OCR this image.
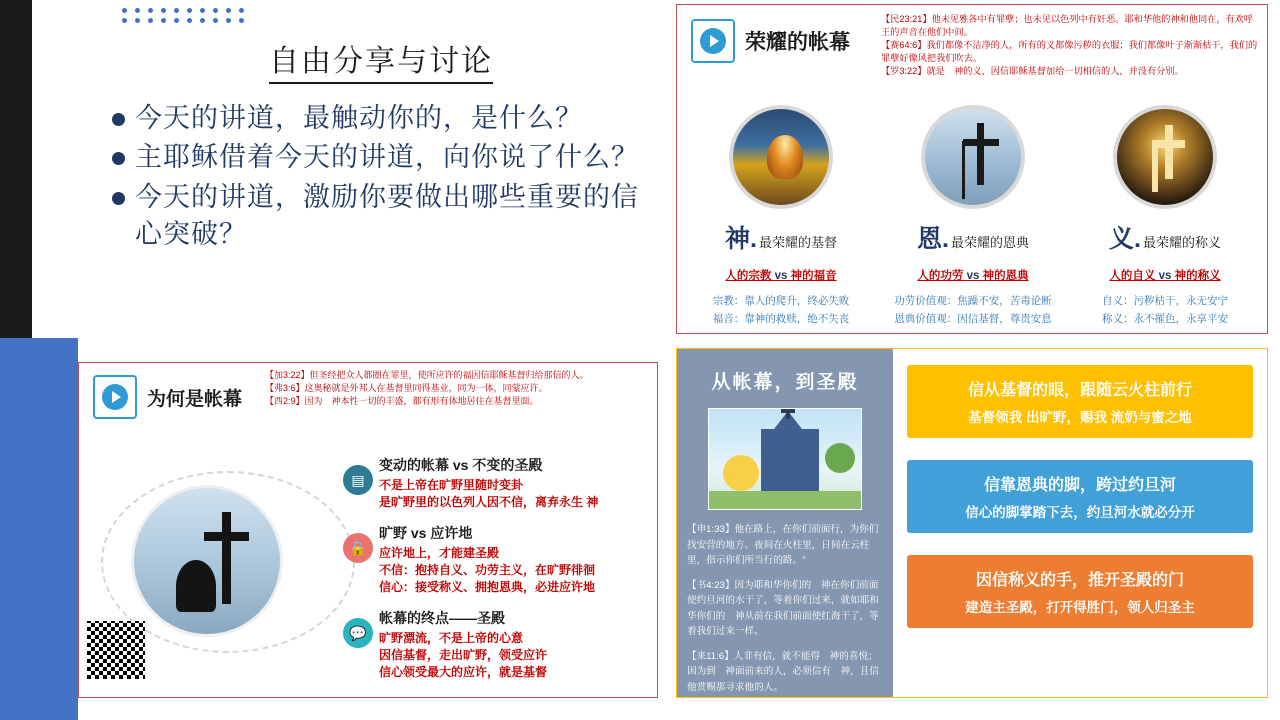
自由分享与讨论
今天的讲道，最触动你的，是什么？
主耶稣借着今天的讲道，向你说了什么？
今天的讲道，激励你要做出哪些重要的信心突破？
荣耀的帐幕
【民23:21】他未见雅各中有罪孽；也未见以色列中有奸恶。耶和华他的神和他同在，有欢呼王的声音在他们中间。
【赛64:6】我们都像不洁净的人，所有的义都像污秽的衣服；我们都像叶子渐渐枯干，我们的罪孽好像风把我们吹去。
【罗3:22】就是　神的义，因信耶稣基督加给一切相信的人，并没有分别。
神. 最荣耀的基督
人的宗教 vs 神的福音
宗教：靠人的爬升，终必失败
福音：靠神的救赎，绝不失丧
恩. 最荣耀的恩典
人的功劳 vs 神的恩典
功劳价值观：焦躁不安，苦毒论断
恩典价值观：因信基督，尊贵安息
义. 最荣耀的称义
人的自义 vs 神的称义
自义：污秽枯干，永无安宁
称义：永不罹色，永享平安
为何是帐幕
【加3:22】但圣经把众人都圈在罪里，使所应许的福因信耶稣基督归给那信的人。
【弗3:6】这奥秘就是外邦人在基督里同得基业，同为一体，同蒙应许。
【西2:9】因为　神本性一切的丰盛，都有形有体地居住在基督里面。
▤
变动的帐幕 vs 不变的圣殿
不是上帝在旷野里随时变卦
是旷野里的以色列人因不信，离弃永生 神
🔒
旷野 vs 应许地
应许地上，才能建圣殿
不信：抱持自义、功劳主义，在旷野徘徊
信心：接受称义、拥抱恩典，必进应许地
💬
帐幕的终点——圣殿
旷野漂流，不是上帝的心意
因信基督，走出旷野，领受应许
信心领受最大的应许，就是基督
从帐幕，到圣殿

【申1:33】他在路上，在你们前面行，为你们找安营的地方。夜间在火柱里，日间在云柱里，指示你们所当行的路。"

【书4:23】因为耶和华你们的　神在你们前面使约旦河的水干了，等着你们过来，就如耶和华你们的　神从前在我们前面使红海干了，等着我们过来一样。

【来11:6】人非有信，就不能得　神的喜悦；因为到　神面前来的人，必须信有　神，且信他赏赐那寻求他的人。

信从基督的眼，跟随云火柱前行
基督领我 出旷野，赐我 流奶与蜜之地
信靠恩典的脚，跨过约旦河
信心的脚掌踏下去，约旦河水就必分开
因信称义的手，推开圣殿的门
建造主圣殿，打开得胜门，领人归圣主
